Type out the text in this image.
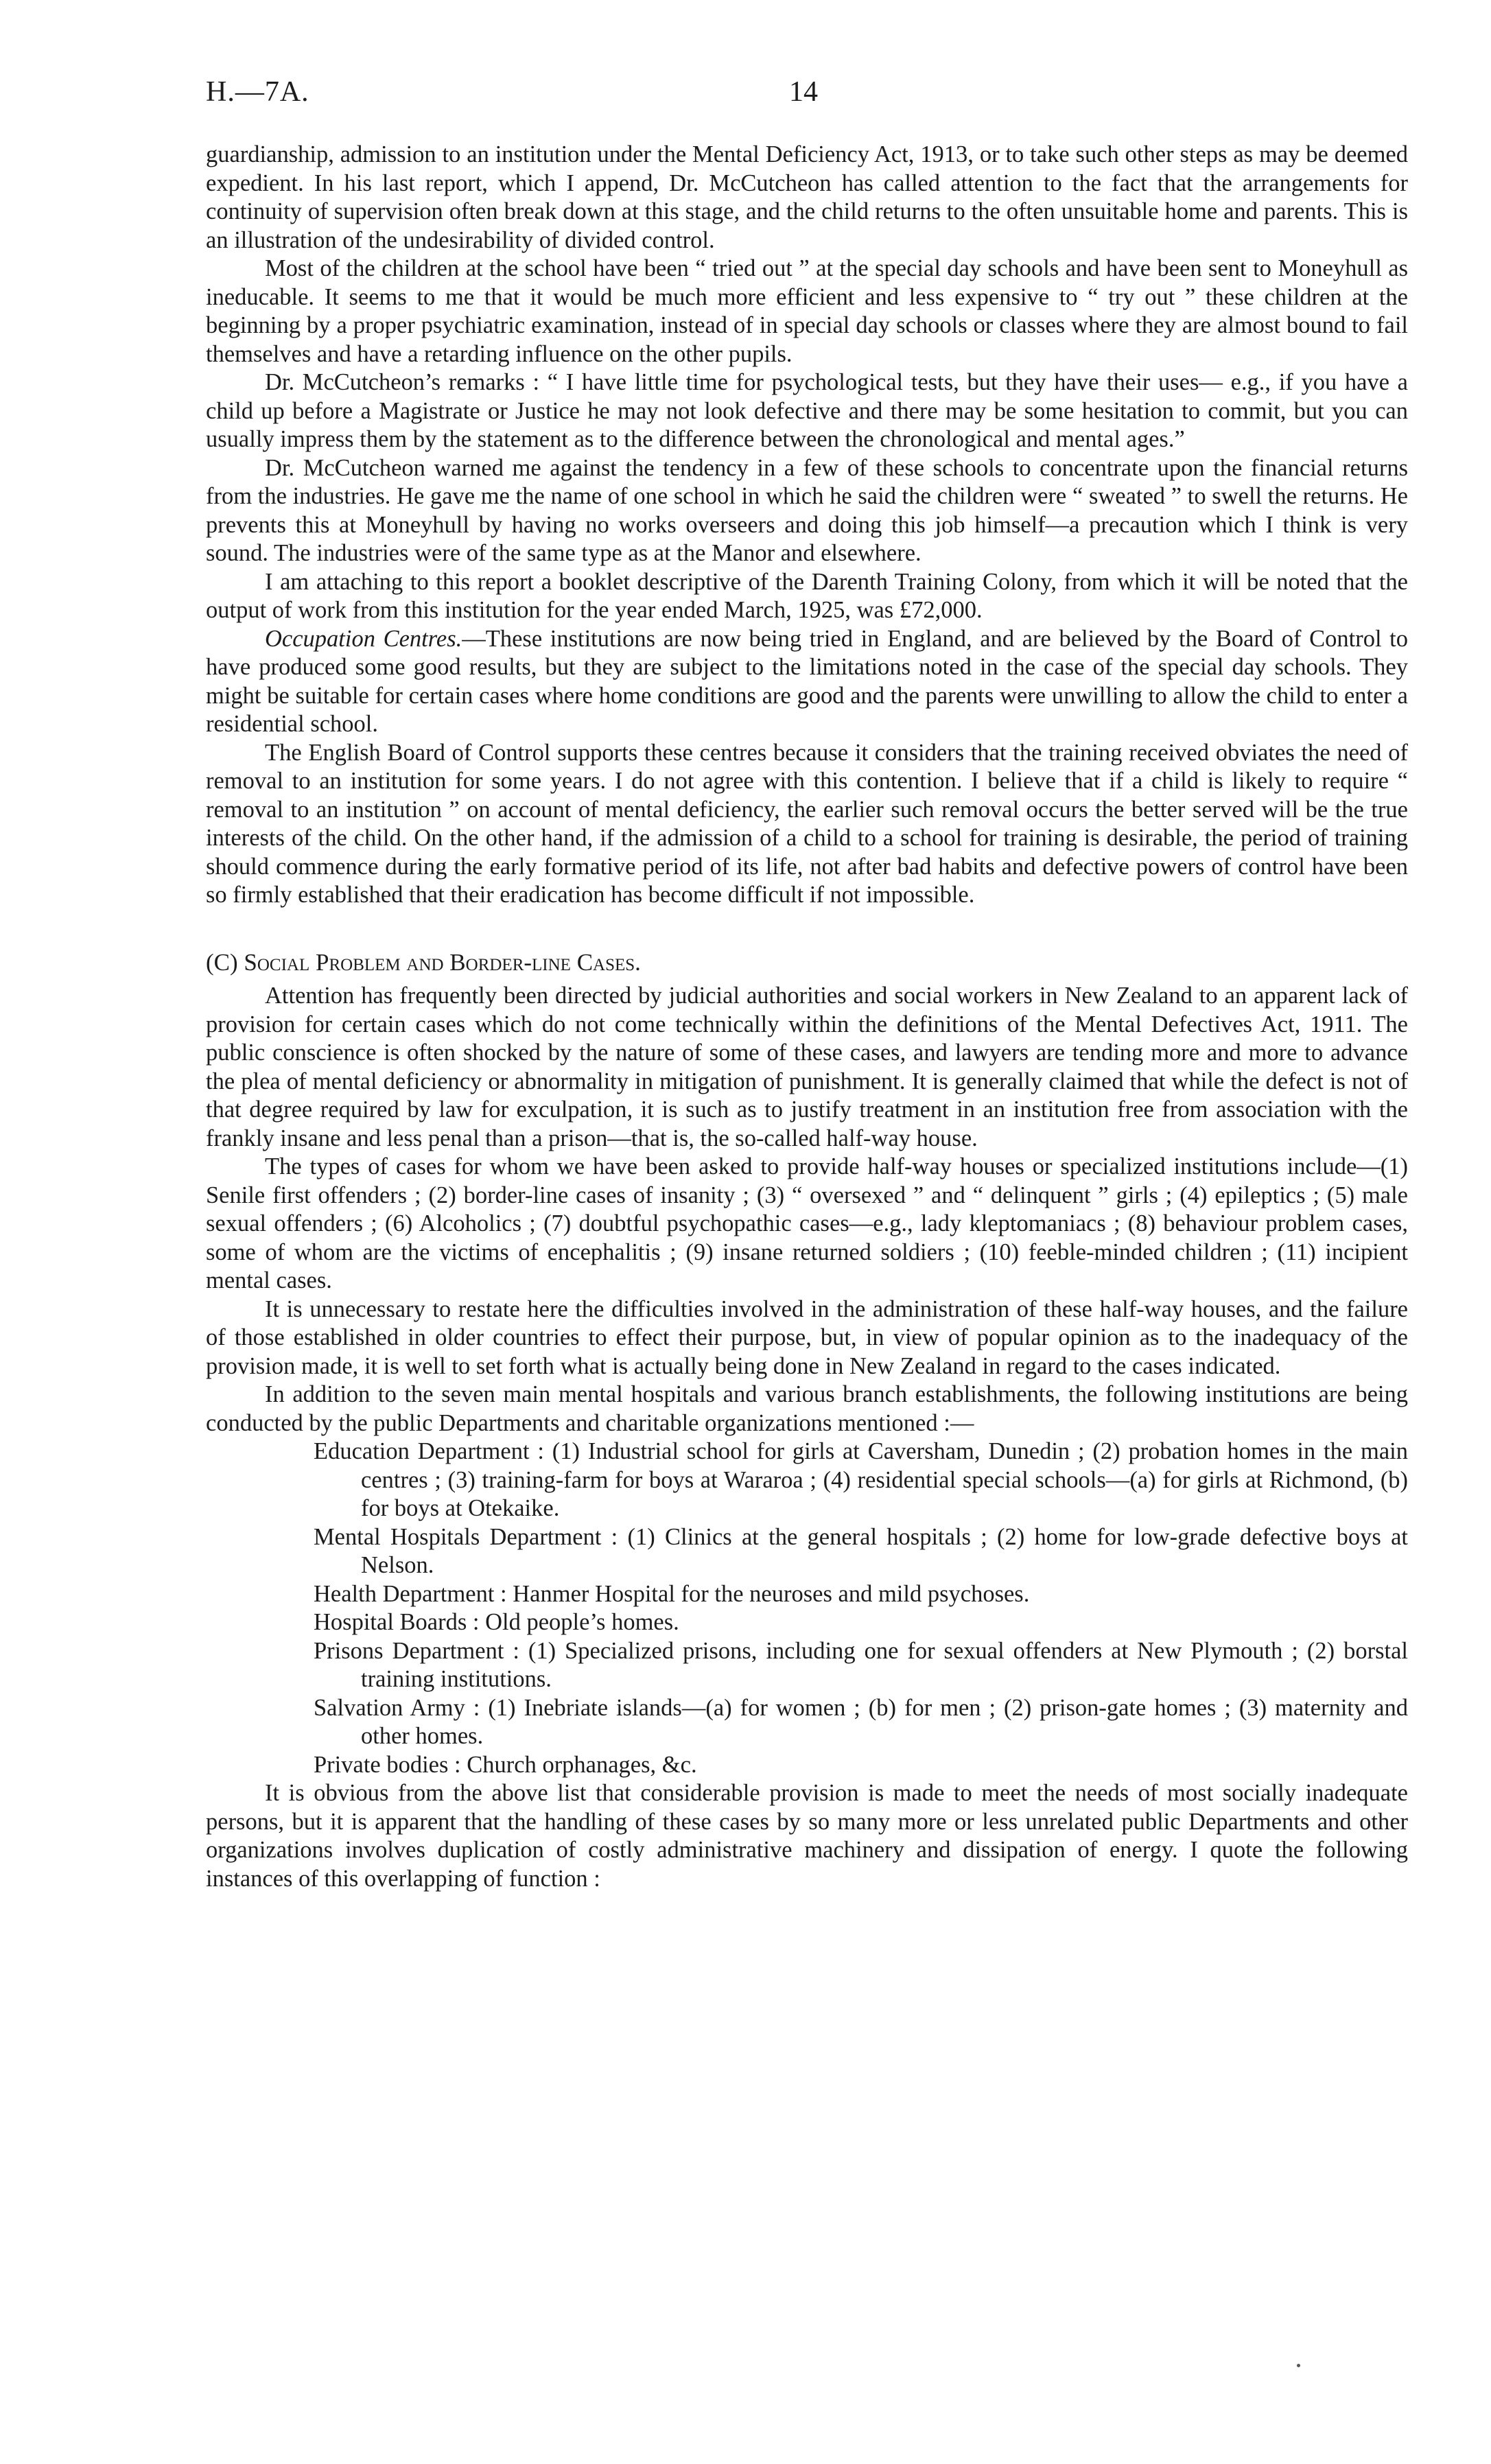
H.—7A.	14

guardianship, admission to an institution under the Mental Deficiency Act, 1913, or to take such other steps as may be deemed expedient. In his last report, which I append, Dr. McCutcheon has called attention to the fact that the arrangements for continuity of supervision often break down at this stage, and the child returns to the often unsuitable home and parents. This is an illustration of the undesirability of divided control.

Most of the children at the school have been “ tried out ” at the special day schools and have been sent to Moneyhull as ineducable. It seems to me that it would be much more efficient and less expensive to “ try out ” these children at the beginning by a proper psychiatric examination, instead of in special day schools or classes where they are almost bound to fail themselves and have a retarding influence on the other pupils.

Dr. McCutcheon’s remarks : “ I have little time for psychological tests, but they have their uses— e.g., if you have a child up before a Magistrate or Justice he may not look defective and there may be some hesitation to commit, but you can usually impress them by the statement as to the difference between the chronological and mental ages.”

Dr. McCutcheon warned me against the tendency in a few of these schools to concentrate upon the financial returns from the industries. He gave me the name of one school in which he said the children were “ sweated ” to swell the returns. He prevents this at Moneyhull by having no works overseers and doing this job himself—a precaution which I think is very sound. The industries were of the same type as at the Manor and elsewhere.

I am attaching to this report a booklet descriptive of the Darenth Training Colony, from which it will be noted that the output of work from this institution for the year ended March, 1925, was £72,000.

Occupation Centres.—These institutions are now being tried in England, and are believed by the Board of Control to have produced some good results, but they are subject to the limitations noted in the case of the special day schools. They might be suitable for certain cases where home conditions are good and the parents were unwilling to allow the child to enter a residential school.

The English Board of Control supports these centres because it considers that the training received obviates the need of removal to an institution for some years. I do not agree with this contention. I believe that if a child is likely to require “ removal to an institution ” on account of mental deficiency, the earlier such removal occurs the better served will be the true interests of the child. On the other hand, if the admission of a child to a school for training is desirable, the period of training should commence during the early formative period of its life, not after bad habits and defective powers of control have been so firmly established that their eradication has become difficult if not impossible.

(C) Social Problem and Border-line Cases.

Attention has frequently been directed by judicial authorities and social workers in New Zealand to an apparent lack of provision for certain cases which do not come technically within the definitions of the Mental Defectives Act, 1911. The public conscience is often shocked by the nature of some of these cases, and lawyers are tending more and more to advance the plea of mental deficiency or abnormality in mitigation of punishment. It is generally claimed that while the defect is not of that degree required by law for exculpation, it is such as to justify treatment in an institution free from association with the frankly insane and less penal than a prison—that is, the so-called half-way house.

The types of cases for whom we have been asked to provide half-way houses or specialized institutions include—(1) Senile first offenders ; (2) border-line cases of insanity ; (3) “ oversexed ” and “ delinquent ” girls ; (4) epileptics ; (5) male sexual offenders ; (6) Alcoholics ; (7) doubtful psychopathic cases—e.g., lady kleptomaniacs ; (8) behaviour problem cases, some of whom are the victims of encephalitis ; (9) insane returned soldiers ; (10) feeble-minded children ; (11) incipient mental cases.

It is unnecessary to restate here the difficulties involved in the administration of these half-way houses, and the failure of those established in older countries to effect their purpose, but, in view of popular opinion as to the inadequacy of the provision made, it is well to set forth what is actually being done in New Zealand in regard to the cases indicated.

In addition to the seven main mental hospitals and various branch establishments, the following institutions are being conducted by the public Departments and charitable organizations mentioned :—

Education Department : (1) Industrial school for girls at Caversham, Dunedin ; (2) probation homes in the main centres ; (3) training-farm for boys at Wararoa ; (4) residential special schools—(a) for girls at Richmond, (b) for boys at Otekaike.
Mental Hospitals Department : (1) Clinics at the general hospitals ; (2) home for low-grade defective boys at Nelson.
Health Department : Hanmer Hospital for the neuroses and mild psychoses.
Hospital Boards : Old people’s homes.
Prisons Department : (1) Specialized prisons, including one for sexual offenders at New Plymouth ; (2) borstal training institutions.
Salvation Army : (1) Inebriate islands—(a) for women ; (b) for men ; (2) prison-gate homes ; (3) maternity and other homes.
Private bodies : Church orphanages, &c.

It is obvious from the above list that considerable provision is made to meet the needs of most socially inadequate persons, but it is apparent that the handling of these cases by so many more or less unrelated public Departments and other organizations involves duplication of costly administrative machinery and dissipation of energy. I quote the following instances of this overlapping of function :
